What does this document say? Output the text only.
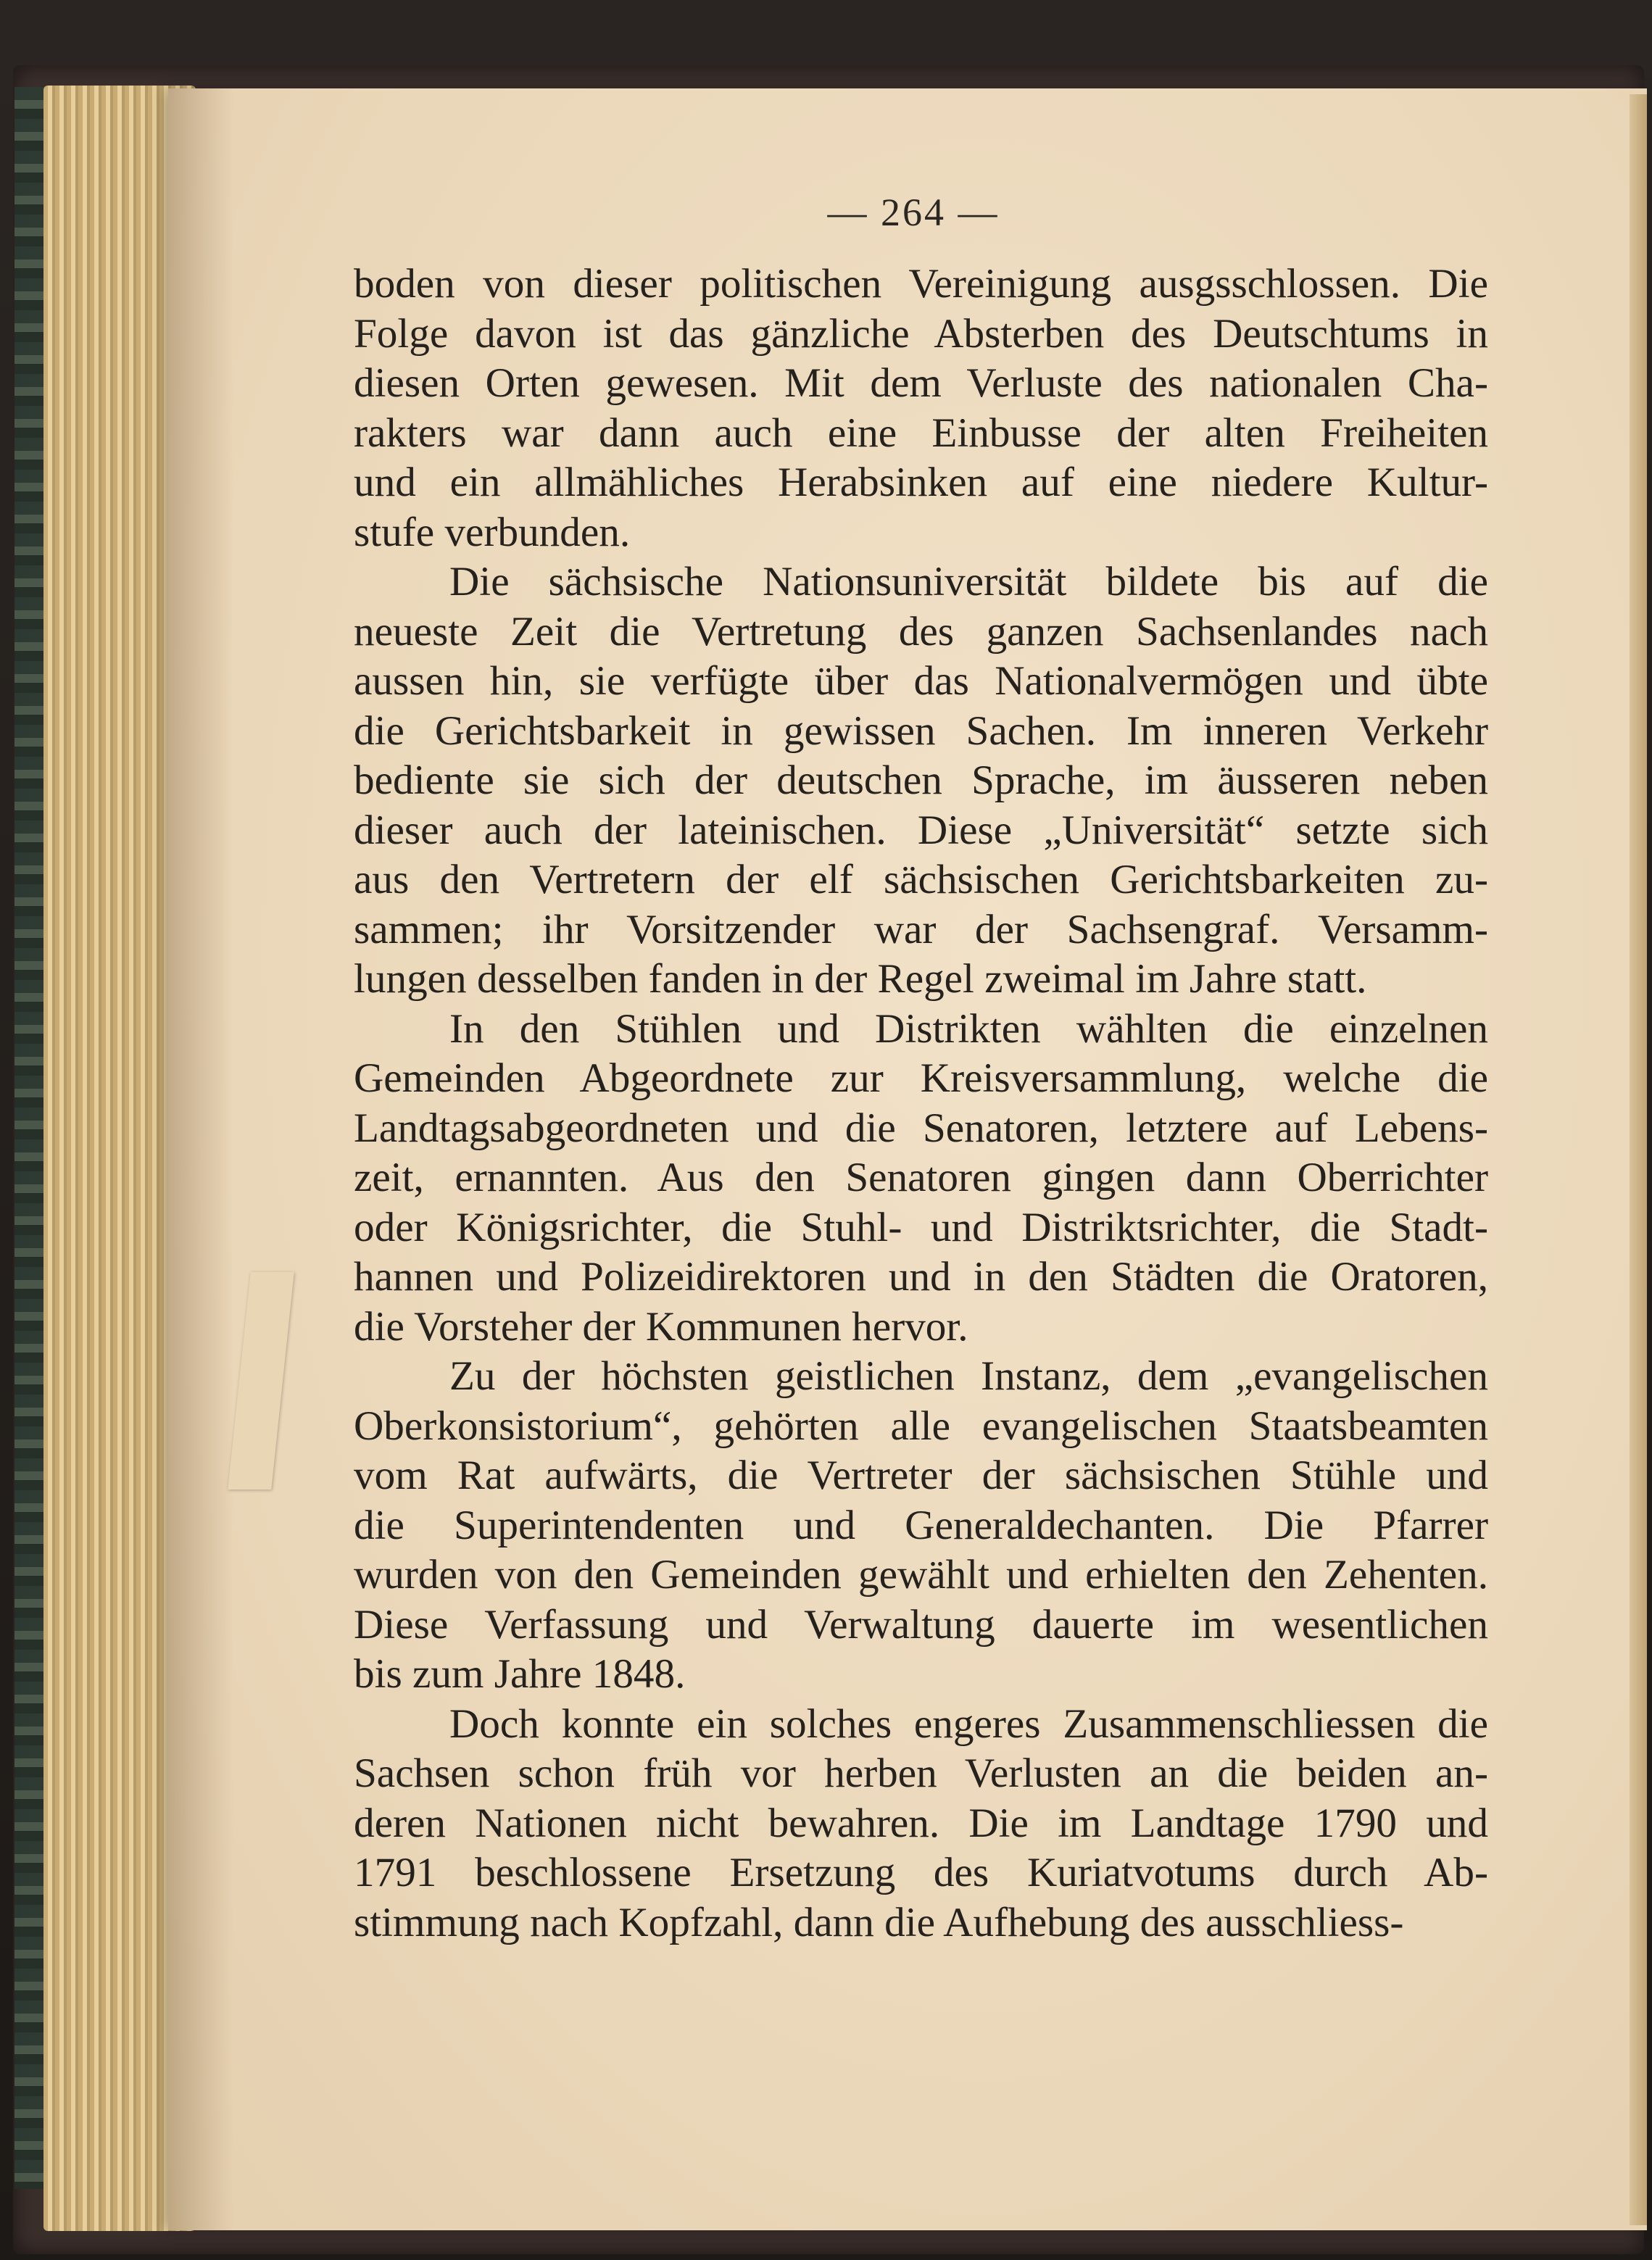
— 264 —

boden von dieser politischen Vereinigung ausgsschlossen. Die
Folge davon ist das gänzliche Absterben des Deutschtums in
diesen Orten gewesen. Mit dem Verluste des nationalen Cha-
rakters war dann auch eine Einbusse der alten Freiheiten
und ein allmähliches Herabsinken auf eine niedere Kultur-
stufe verbunden.

Die sächsische Nationsuniversität bildete bis auf die
neueste Zeit die Vertretung des ganzen Sachsenlandes nach
aussen hin, sie verfügte über das Nationalvermögen und übte
die Gerichtsbarkeit in gewissen Sachen. Im inneren Verkehr
bediente sie sich der deutschen Sprache, im äusseren neben
dieser auch der lateinischen. Diese „Universität“ setzte sich
aus den Vertretern der elf sächsischen Gerichtsbarkeiten zu-
sammen; ihr Vorsitzender war der Sachsengraf. Versamm-
lungen desselben fanden in der Regel zweimal im Jahre statt.

In den Stühlen und Distrikten wählten die einzelnen
Gemeinden Abgeordnete zur Kreisversammlung, welche die
Landtagsabgeordneten und die Senatoren, letztere auf Lebens-
zeit, ernannten. Aus den Senatoren gingen dann Oberrichter
oder Königsrichter, die Stuhl- und Distriktsrichter, die Stadt-
hannen und Polizeidirektoren und in den Städten die Oratoren,
die Vorsteher der Kommunen hervor.

Zu der höchsten geistlichen Instanz, dem „evangelischen
Oberkonsistorium“, gehörten alle evangelischen Staatsbeamten
vom Rat aufwärts, die Vertreter der sächsischen Stühle und
die Superintendenten und Generaldechanten. Die Pfarrer
wurden von den Gemeinden gewählt und erhielten den Zehenten.
Diese Verfassung und Verwaltung dauerte im wesentlichen
bis zum Jahre 1848.

Doch konnte ein solches engeres Zusammenschliessen die
Sachsen schon früh vor herben Verlusten an die beiden an-
deren Nationen nicht bewahren. Die im Landtage 1790 und
1791 beschlossene Ersetzung des Kuriatvotums durch Ab-
stimmung nach Kopfzahl, dann die Aufhebung des ausschliess-
